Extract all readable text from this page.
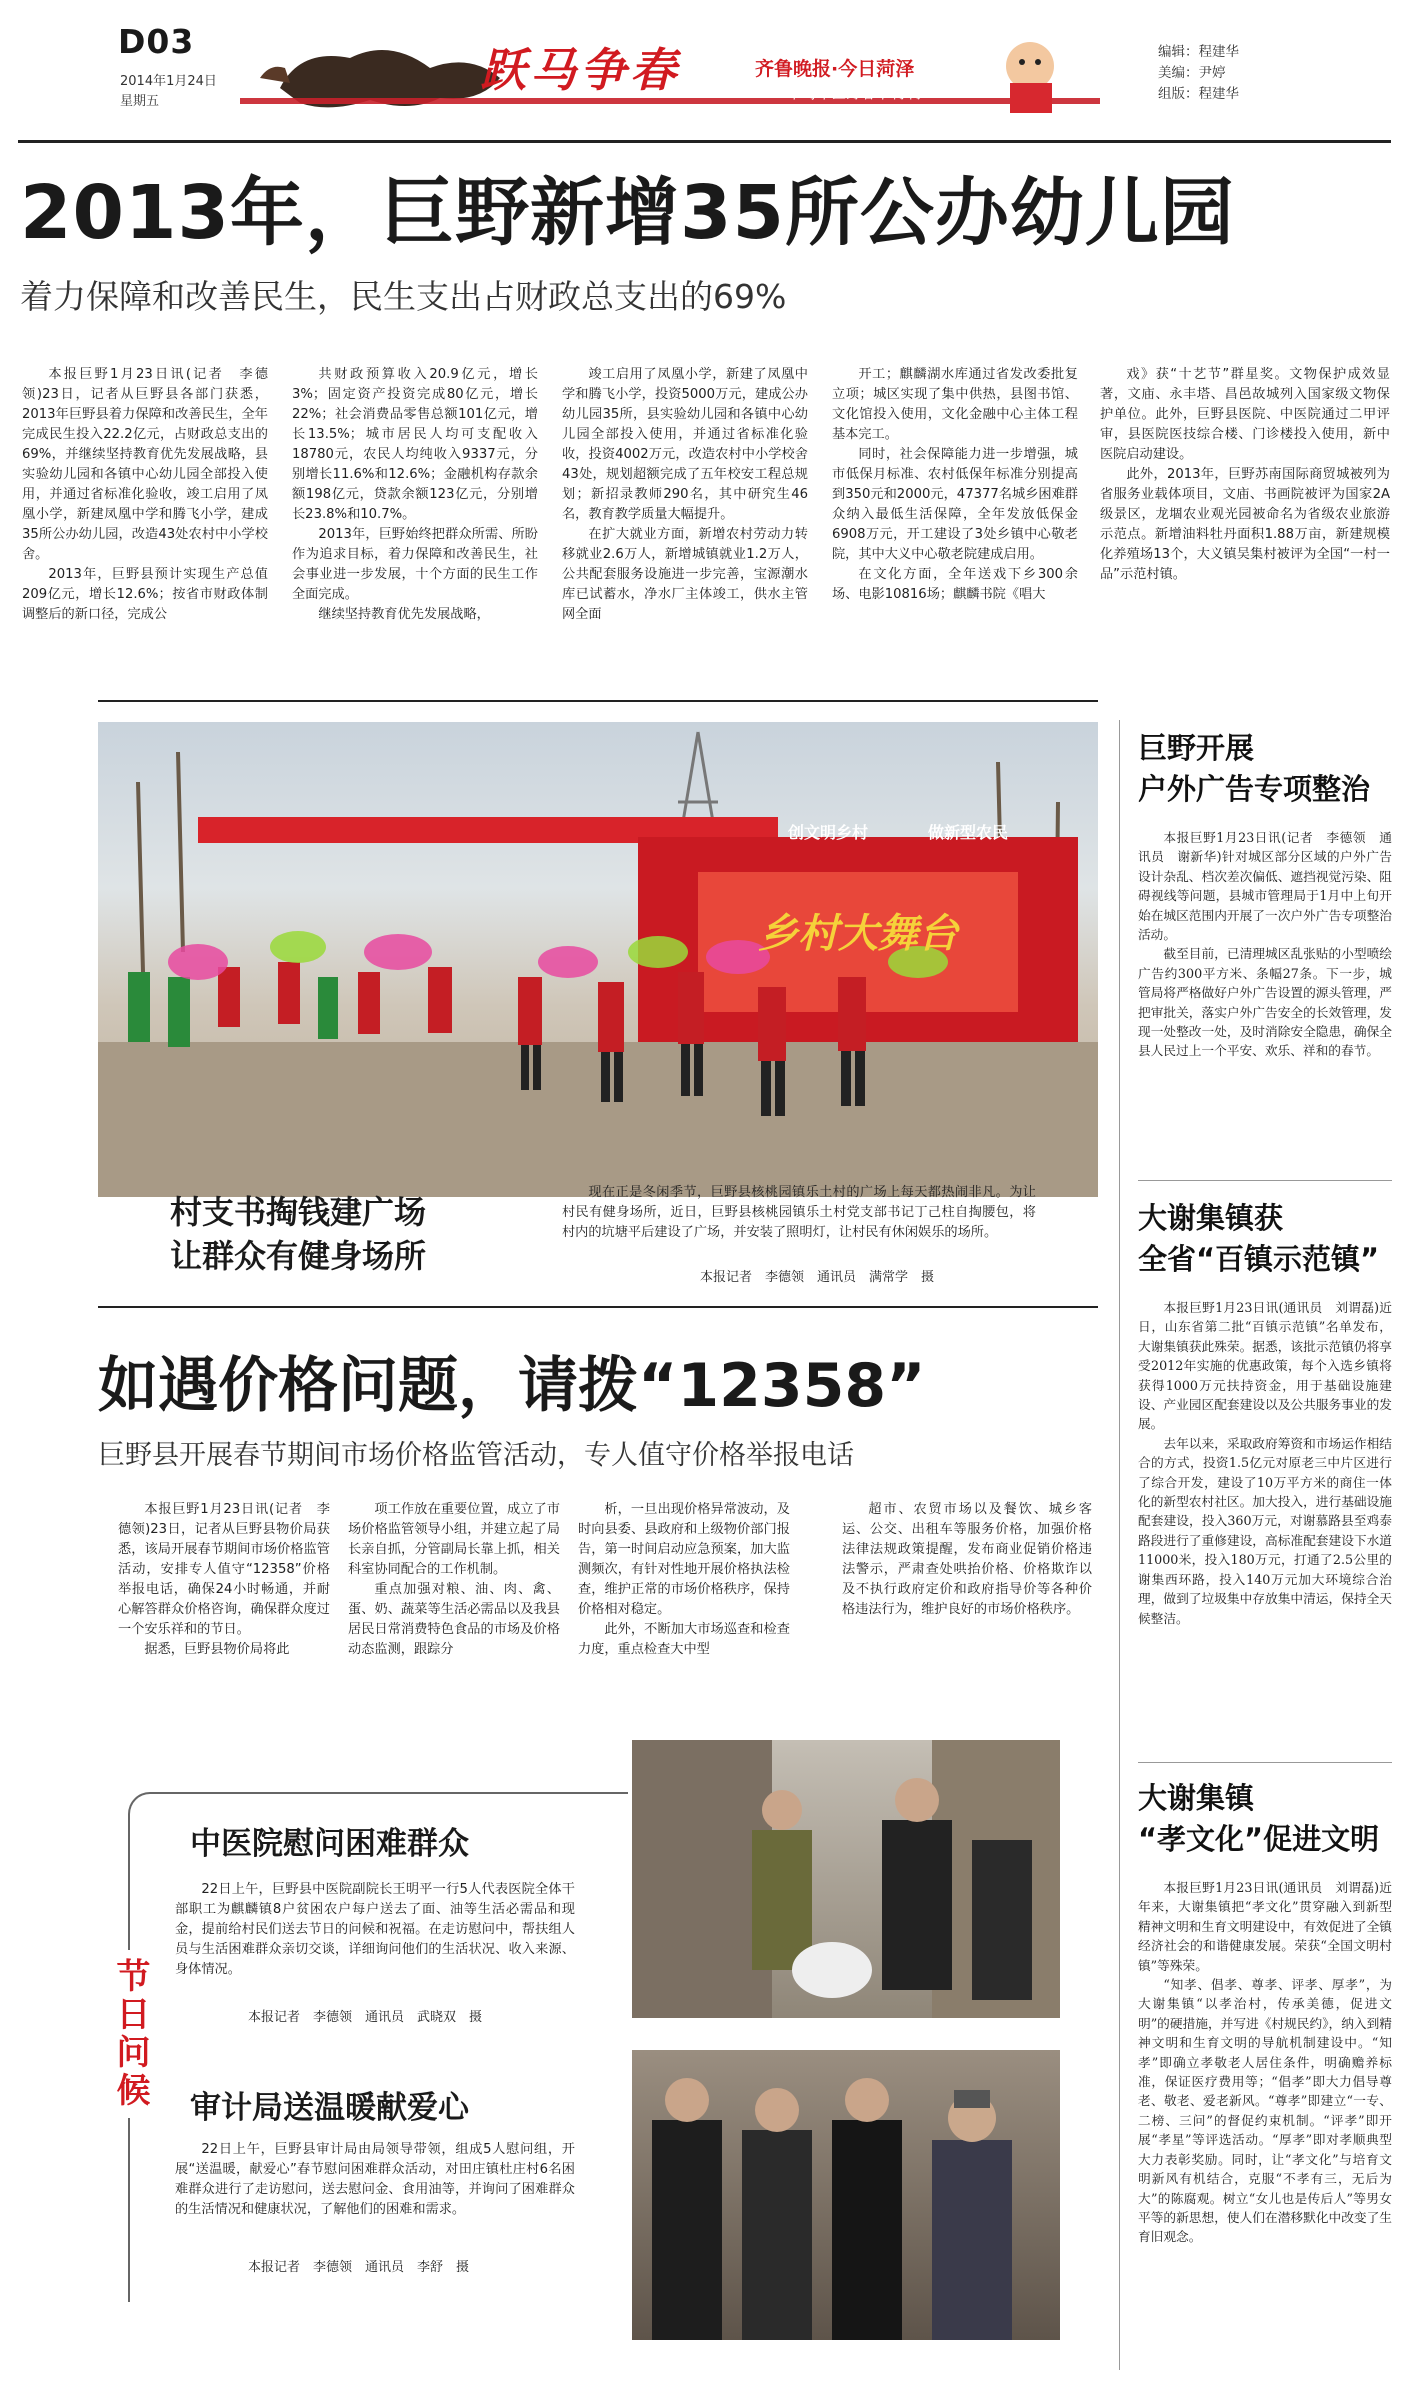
D03
2014年1月24日
星期五
跃马争春	齐鲁晚报·今日菏泽
2014年马年巨野春节特刊
编辑：程建华
美编：尹婷
组版：程建华
2013年，巨野新增35所公办幼儿园
着力保障和改善民生，民生支出占财政总支出的69%

本报巨野1月23日讯(记者　李德领)23日，记者从巨野县各部门获悉，2013年巨野县着力保障和改善民生，全年完成民生投入22.2亿元，占财政总支出的69%，并继续坚持教育优先发展战略，县实验幼儿园和各镇中心幼儿园全部投入使用，并通过省标准化验收，竣工启用了凤凰小学，新建凤凰中学和腾飞小学，建成35所公办幼儿园，改造43处农村中小学校舍。

2013年，巨野县预计实现生产总值209亿元，增长12.6%；按省市财政体制调整后的新口径，完成公

共财政预算收入20.9亿元，增长3%；固定资产投资完成80亿元，增长22%；社会消费品零售总额101亿元，增长13.5%；城市居民人均可支配收入18780元，农民人均纯收入9337元，分别增长11.6%和12.6%；金融机构存款余额198亿元，贷款余额123亿元，分别增长23.8%和10.7%。

2013年，巨野始终把群众所需、所盼作为追求目标，着力保障和改善民生，社会事业进一步发展，十个方面的民生工作全面完成。

继续坚持教育优先发展战略，

竣工启用了凤凰小学，新建了凤凰中学和腾飞小学，投资5000万元，建成公办幼儿园35所，县实验幼儿园和各镇中心幼儿园全部投入使用，并通过省标准化验收，投资4002万元，改造农村中小学校舍43处，规划超额完成了五年校安工程总规划；新招录教师290名，其中研究生46名，教育教学质量大幅提升。

在扩大就业方面，新增农村劳动力转移就业2.6万人，新增城镇就业1.2万人，公共配套服务设施进一步完善，宝源潮水库已试蓄水，净水厂主体竣工，供水主管网全面

开工；麒麟湖水库通过省发改委批复立项；城区实现了集中供热，县图书馆、文化馆投入使用，文化金融中心主体工程基本完工。

同时，社会保障能力进一步增强，城市低保月标准、农村低保年标准分别提高到350元和2000元，47377名城乡困难群众纳入最低生活保障，全年发放低保金6908万元，开工建设了3处乡镇中心敬老院，其中大义中心敬老院建成启用。

在文化方面，全年送戏下乡300余场、电影10816场；麒麟书院《唱大

戏》获“十艺节”群星奖。文物保护成效显著，文庙、永丰塔、昌邑故城列入国家级文物保护单位。此外，巨野县医院、中医院通过二甲评审，县医院医技综合楼、门诊楼投入使用，新中医院启动建设。

此外，2013年，巨野苏南国际商贸城被列为省服务业载体项目，文庙、书画院被评为国家2A级景区，龙堌农业观光园被命名为省级农业旅游示范点。新增油料牡丹面积1.88万亩，新建规模化养殖场13个，大义镇吴集村被评为全国“一村一品”示范村镇。

创文明乡村	做新型农民
乡村大舞台
村支书掏钱建广场
让群众有健身场所

现在正是冬闲季节，巨野县核桃园镇乐土村的广场上每天都热闹非凡。为让村民有健身场所，近日，巨野县核桃园镇乐土村党支部书记丁己柱自掏腰包，将村内的坑塘平后建设了广场，并安装了照明灯，让村民有休闲娱乐的场所。

本报记者　李德领　通讯员　满常学　摄
如遇价格问题，请拨“12358”
巨野县开展春节期间市场价格监管活动，专人值守价格举报电话

本报巨野1月23日讯(记者　李德领)23日，记者从巨野县物价局获悉，该局开展春节期间市场价格监管活动，安排专人值守“12358”价格举报电话，确保24小时畅通，并耐心解答群众价格咨询，确保群众度过一个安乐祥和的节日。

据悉，巨野县物价局将此

项工作放在重要位置，成立了市场价格监管领导小组，并建立起了局长亲自抓，分管副局长靠上抓，相关科室协同配合的工作机制。

重点加强对粮、油、肉、禽、蛋、奶、蔬菜等生活必需品以及我县居民日常消费特色食品的市场及价格动态监测，跟踪分

析，一旦出现价格异常波动，及时向县委、县政府和上级物价部门报告，第一时间启动应急预案，加大监测频次，有针对性地开展价格执法检查，维护正常的市场价格秩序，保持价格相对稳定。

此外，不断加大市场巡查和检查力度，重点检查大中型

超市、农贸市场以及餐饮、城乡客运、公交、出租车等服务价格，加强价格法律法规政策提醒，发布商业促销价格违法警示，严肃查处哄抬价格、价格欺诈以及不执行政府定价和政府指导价等各种价格违法行为，维护良好的市场价格秩序。

节日问候
中医院慰问困难群众

22日上午，巨野县中医院副院长王明平一行5人代表医院全体干部职工为麒麟镇8户贫困农户每户送去了面、油等生活必需品和现金，提前给村民们送去节日的问候和祝福。在走访慰问中，帮扶组人员与生活困难群众亲切交谈，详细询问他们的生活状况、收入来源、身体情况。

本报记者　李德领　通讯员　武晓双　摄
审计局送温暖献爱心

22日上午，巨野县审计局由局领导带领，组成5人慰问组，开展“送温暖，献爱心”春节慰问困难群众活动，对田庄镇杜庄村6名困难群众进行了走访慰问，送去慰问金、食用油等，并询问了困难群众的生活情况和健康状况，了解他们的困难和需求。

本报记者　李德领　通讯员　李舒　摄
巨野开展
户外广告专项整治

本报巨野1月23日讯(记者　李德领　通讯员　谢新华)针对城区部分区域的户外广告设计杂乱、档次差次偏低、遮挡视觉污染、阻碍视线等问题，县城市管理局于1月中上旬开始在城区范围内开展了一次户外广告专项整治活动。

截至目前，已清理城区乱张贴的小型喷绘广告约300平方米、条幅27条。下一步，城管局将严格做好户外广告设置的源头管理，严把审批关，落实户外广告安全的长效管理，发现一处整改一处，及时消除安全隐患，确保全县人民过上一个平安、欢乐、祥和的春节。

大谢集镇获
全省“百镇示范镇”

本报巨野1月23日讯(通讯员　刘谓磊)近日，山东省第二批“百镇示范镇”名单发布，大谢集镇获此殊荣。据悉，该批示范镇仍将享受2012年实施的优惠政策，每个入选乡镇将获得1000万元扶持资金，用于基础设施建设、产业园区配套建设以及公共服务事业的发展。

去年以来，采取政府筹资和市场运作相结合的方式，投资1.5亿元对原老三中片区进行了综合开发，建设了10万平方米的商住一体化的新型农村社区。加大投入，进行基础设施配套建设，投入360万元，对谢慕路县至鸡泰路段进行了重修建设，高标准配套建设下水道11000米，投入180万元，打通了2.5公里的谢集西环路，投入140万元加大环境综合治理，做到了垃圾集中存放集中清运，保持全天候整洁。

大谢集镇
“孝文化”促进文明

本报巨野1月23日讯(通讯员　刘谓磊)近年来，大谢集镇把“孝文化”贯穿融入到新型精神文明和生育文明建设中，有效促进了全镇经济社会的和谐健康发展。荣获“全国文明村镇”等殊荣。

“知孝、倡孝、尊孝、评孝、厚孝”，为大谢集镇“以孝治村，传承美德，促进文明”的硬措施，并写进《村规民约》，纳入到精神文明和生育文明的导航机制建设中。“知孝”即确立孝敬老人居住条件，明确赡养标准，保证医疗费用等；“倡孝”即大力倡导尊老、敬老、爱老新风。“尊孝”即建立“一专、二榜、三问”的督促约束机制。“评孝”即开展“孝星”等评选活动。“厚孝”即对孝顺典型大力表彰奖励。同时，让“孝文化”与培育文明新风有机结合，克服“不孝有三，无后为大”的陈腐观。树立“女儿也是传后人”等男女平等的新思想，使人们在潜移默化中改变了生育旧观念。
